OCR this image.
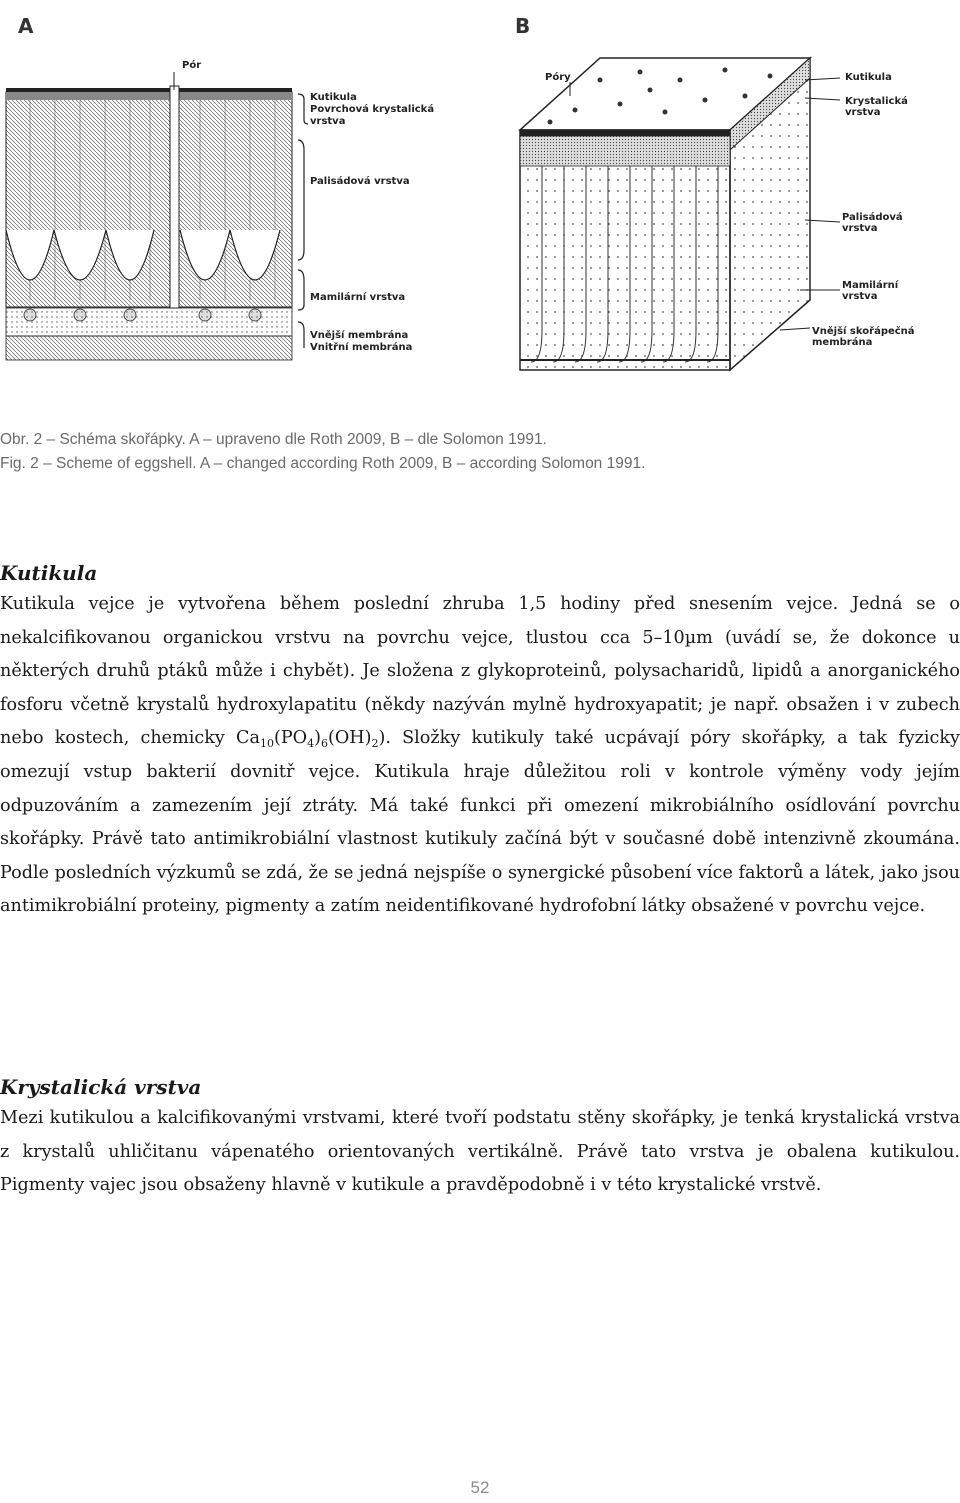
A	B
Pór
Kutikula
Povrchová krystalická
vrstva
Palisádová vrstva
Mamilární vrstva
Vnější membrána
Vnitřní membrána
Póry	Kutikula
Krystalická
vrstva
Palisádová
vrstva
Mamilární
vrstva
Vnější skořápečná
membrána
Obr. 2 – Schéma skořápky. A – upraveno dle Roth 2009, B – dle Solomon 1991.
Fig. 2 – Scheme of eggshell. A – changed according Roth 2009, B – according Solomon 1991.
Kutikula

Kutikula vejce je vytvořena během poslední zhruba 1,5 hodiny před snesením vejce. Jedná se o nekalcifikovanou organickou vrstvu na povrchu vejce, tlustou cca 5–10µm (uvádí se, že dokonce u některých druhů ptáků může i chybět). Je složena z glykoproteinů, polysacharidů, lipidů a anorganického fosforu včetně krystalů hydroxylapatitu (někdy nazýván mylně hydroxyapatit; je např. obsažen i v zubech nebo kostech, chemicky $Ca_{10}(PO_4)_6(OH)_2$). Složky kutikuly také ucpávají póry skořápky, a tak fyzicky omezují vstup bakterií dovnitř vejce. Kutikula hraje důležitou roli v kontrole výměny vody jejím odpuzováním a zamezením její ztráty. Má také funkci při omezení mikrobiálního osídlování povrchu skořápky. Právě tato antimikrobiální vlastnost kutikuly začíná být v současné době intenzivně zkoumána. Podle posledních výzkumů se zdá, že se jedná nejspíše o synergické působení více faktorů a látek, jako jsou antimikrobiální proteiny, pigmenty a zatím neidentifikované hydrofobní látky obsažené v povrchu vejce.

Krystalická vrstva

Mezi kutikulou a kalcifikovanými vrstvami, které tvoří podstatu stěny skořápky, je tenká krystalická vrstva z krystalů uhličitanu vápenatého orientovaných vertikálně. Právě tato vrstva je obalena kutikulou. Pigmenty vajec jsou obsaženy hlavně v kutikule a pravděpodobně i v této krystalické vrstvě.

52
